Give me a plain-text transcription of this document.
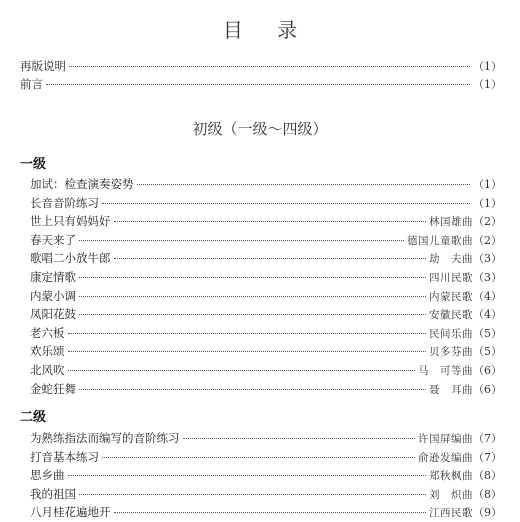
目 录
再版说明	（1）
前言	（1）
初级（一级～四级）
一级
加试：检查演奏姿势	（1）
长音音阶练习	（1）
世上只有妈妈好	林国雄曲 （2）
春天来了	德国儿童歌曲 （2）
歌唱二小放牛郎	劫　夫曲 （3）
康定情歌	四川民歌 （3）
内蒙小调	内蒙民歌 （4）
凤阳花鼓	安徽民歌 （4）
老六板	民间乐曲 （5）
欢乐颂	贝多芬曲 （5）
北风吹	马　可等曲 （6）
金蛇狂舞	聂　耳曲 （6）
二级
为熟练指法而编写的音阶练习	许国屏编曲 （7）
打音基本练习	俞逊发编曲 （7）
思乡曲	郑秋枫曲 （8）
我的祖国	刘　炽曲 （8）
八月桂花遍地开	江西民歌 （9）
